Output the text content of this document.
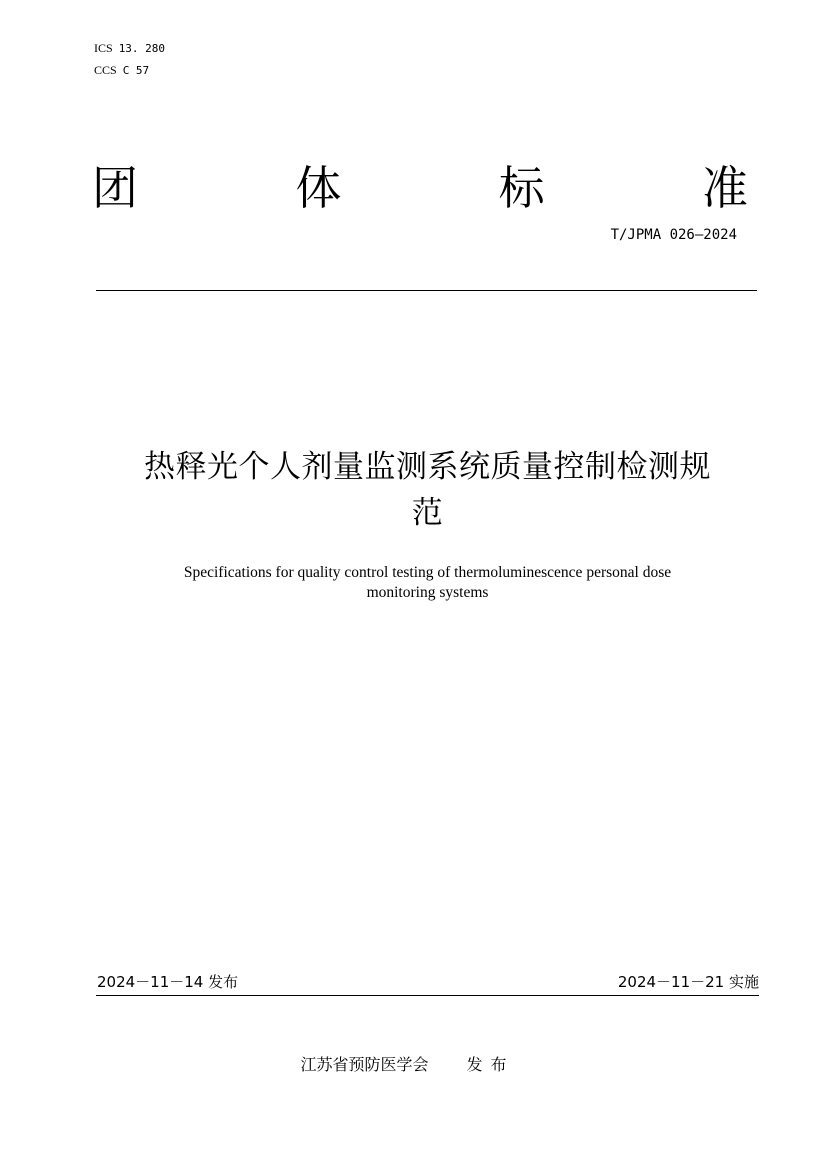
ICS 13. 280
CCS C 57
团	体	标	准
T/JPMA 026—2024
热释光个人剂量监测系统质量控制检测规
范
Specifications for quality control testing of thermoluminescence personal dose
monitoring systems
2024－11－14 发布	2024－11－21 实施
江苏省预防医学会 发布
